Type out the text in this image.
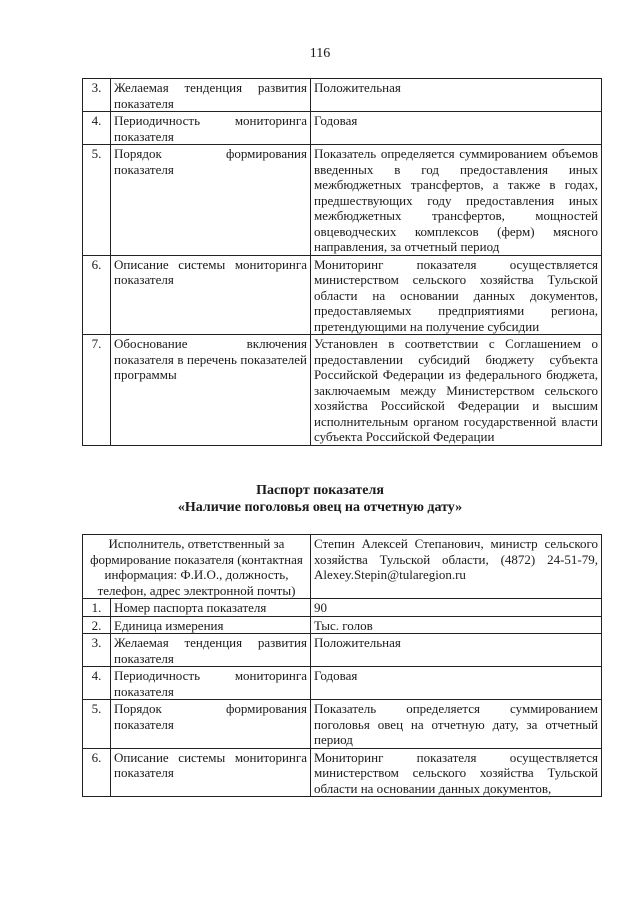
116
3.	Желаемая тенденция развития показателя	Положительная
4.	Периодичность мониторинга показателя	Годовая
5.	Порядок формирования показателя	Показатель определяется суммированием объемов введенных в год предоставления иных межбюджетных трансфертов, а также в годах, предшествующих году предоставления иных межбюджетных трансфертов, мощностей овцеводческих комплексов (ферм) мясного направления, за отчетный период
6.	Описание системы мониторинга показателя	Мониторинг показателя осуществляется министерством сельского хозяйства Тульской области на основании данных документов, предоставляемых предприятиями региона, претендующими на получение субсидии
7.	Обоснование включения показателя в перечень показателей программы	Установлен в соответствии с Соглашением о предоставлении субсидий бюджету субъекта Российской Федерации из федерального бюджета, заключаемым между Министерством сельского хозяйства Российской Федерации и высшим исполнительным органом государственной власти субъекта Российской Федерации
Паспорт показателя
«Наличие поголовья овец на отчетную дату»
Исполнитель, ответственный за формирование показателя (контактная информация: Ф.И.О., должность, телефон, адрес электронной почты)		Степин Алексей Степанович, министр сельского хозяйства Тульской области, (4872) 24-51-79, Alexey.Stepin@tularegion.ru
1.	Номер паспорта показателя	90
2.	Единица измерения	Тыс. голов
3.	Желаемая тенденция развития показателя	Положительная
4.	Периодичность мониторинга показателя	Годовая
5.	Порядок формирования показателя	Показатель определяется суммированием поголовья овец на отчетную дату, за отчетный период
6.	Описание системы мониторинга показателя	Мониторинг показателя осуществляется министерством сельского хозяйства Тульской области на основании данных документов,
